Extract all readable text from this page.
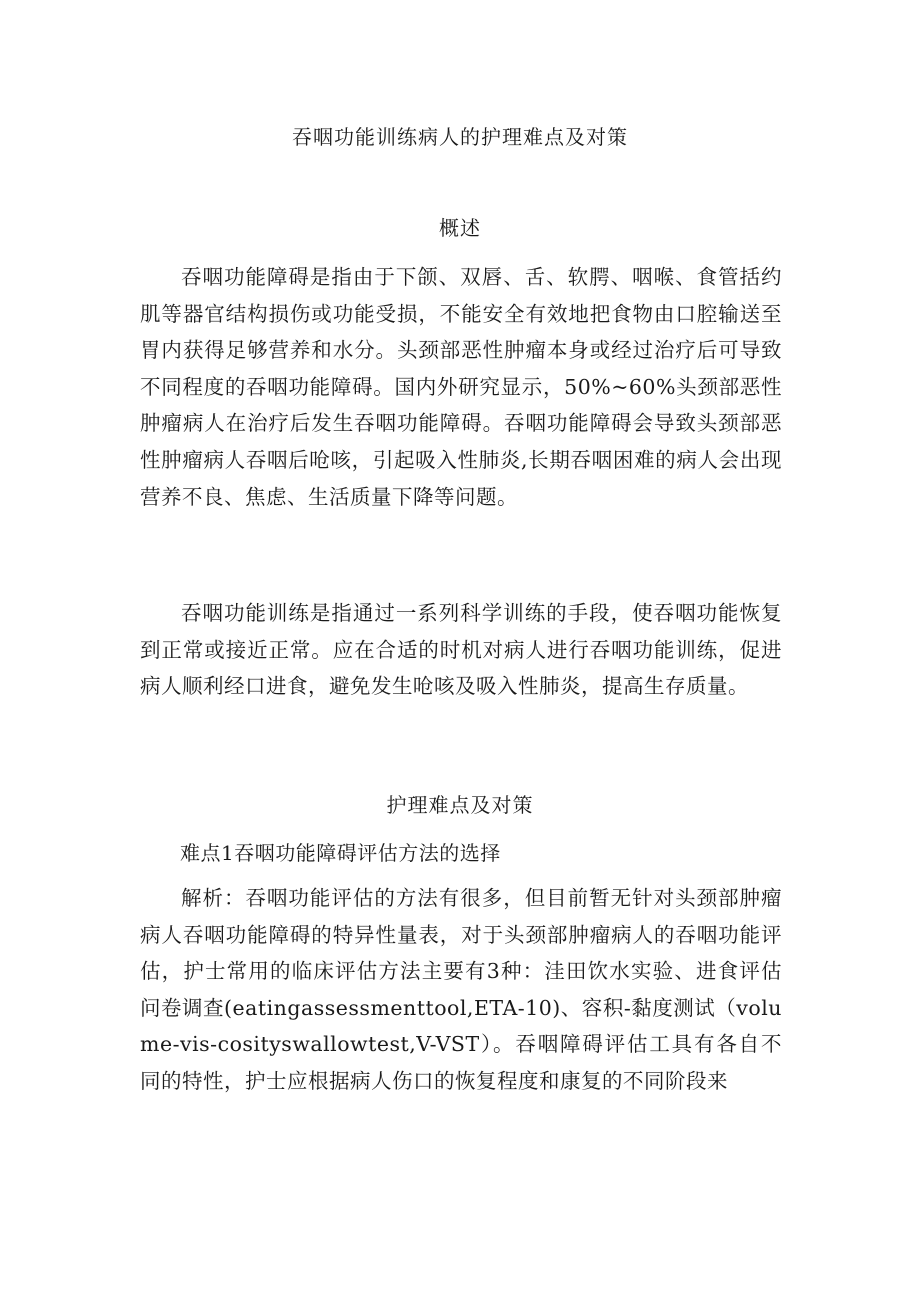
吞咽功能训练病人的护理难点及对策
概述

吞咽功能障碍是指由于下颌、双唇、舌、软腭、咽喉、食管括约肌等器官结构损伤或功能受损，不能安全有效地把食物由口腔输送至胃内获得足够营养和水分。头颈部恶性肿瘤本身或经过治疗后可导致不同程度的吞咽功能障碍。国内外研究显示，50%~60%头颈部恶性肿瘤病人在治疗后发生吞咽功能障碍。吞咽功能障碍会导致头颈部恶性肿瘤病人吞咽后呛咳，引起吸入性肺炎,长期吞咽困难的病人会出现营养不良、焦虑、生活质量下降等问题。

吞咽功能训练是指通过一系列科学训练的手段，使吞咽功能恢复到正常或接近正常。应在合适的时机对病人进行吞咽功能训练，促进病人顺利经口进食，避免发生呛咳及吸入性肺炎，提高生存质量。

护理难点及对策

难点1吞咽功能障碍评估方法的选择

解析：吞咽功能评估的方法有很多，但目前暂无针对头颈部肿瘤病人吞咽功能障碍的特异性量表，对于头颈部肿瘤病人的吞咽功能评估，护士常用的临床评估方法主要有3种：洼田饮水实验、进食评估问卷调查(eatingassessmenttool,ETA-10)、容积-黏度测试（volume-vis-cosityswallowtest,V-VST）。吞咽障碍评估工具有各自不同的特性，护士应根据病人伤口的恢复程度和康复的不同阶段来
